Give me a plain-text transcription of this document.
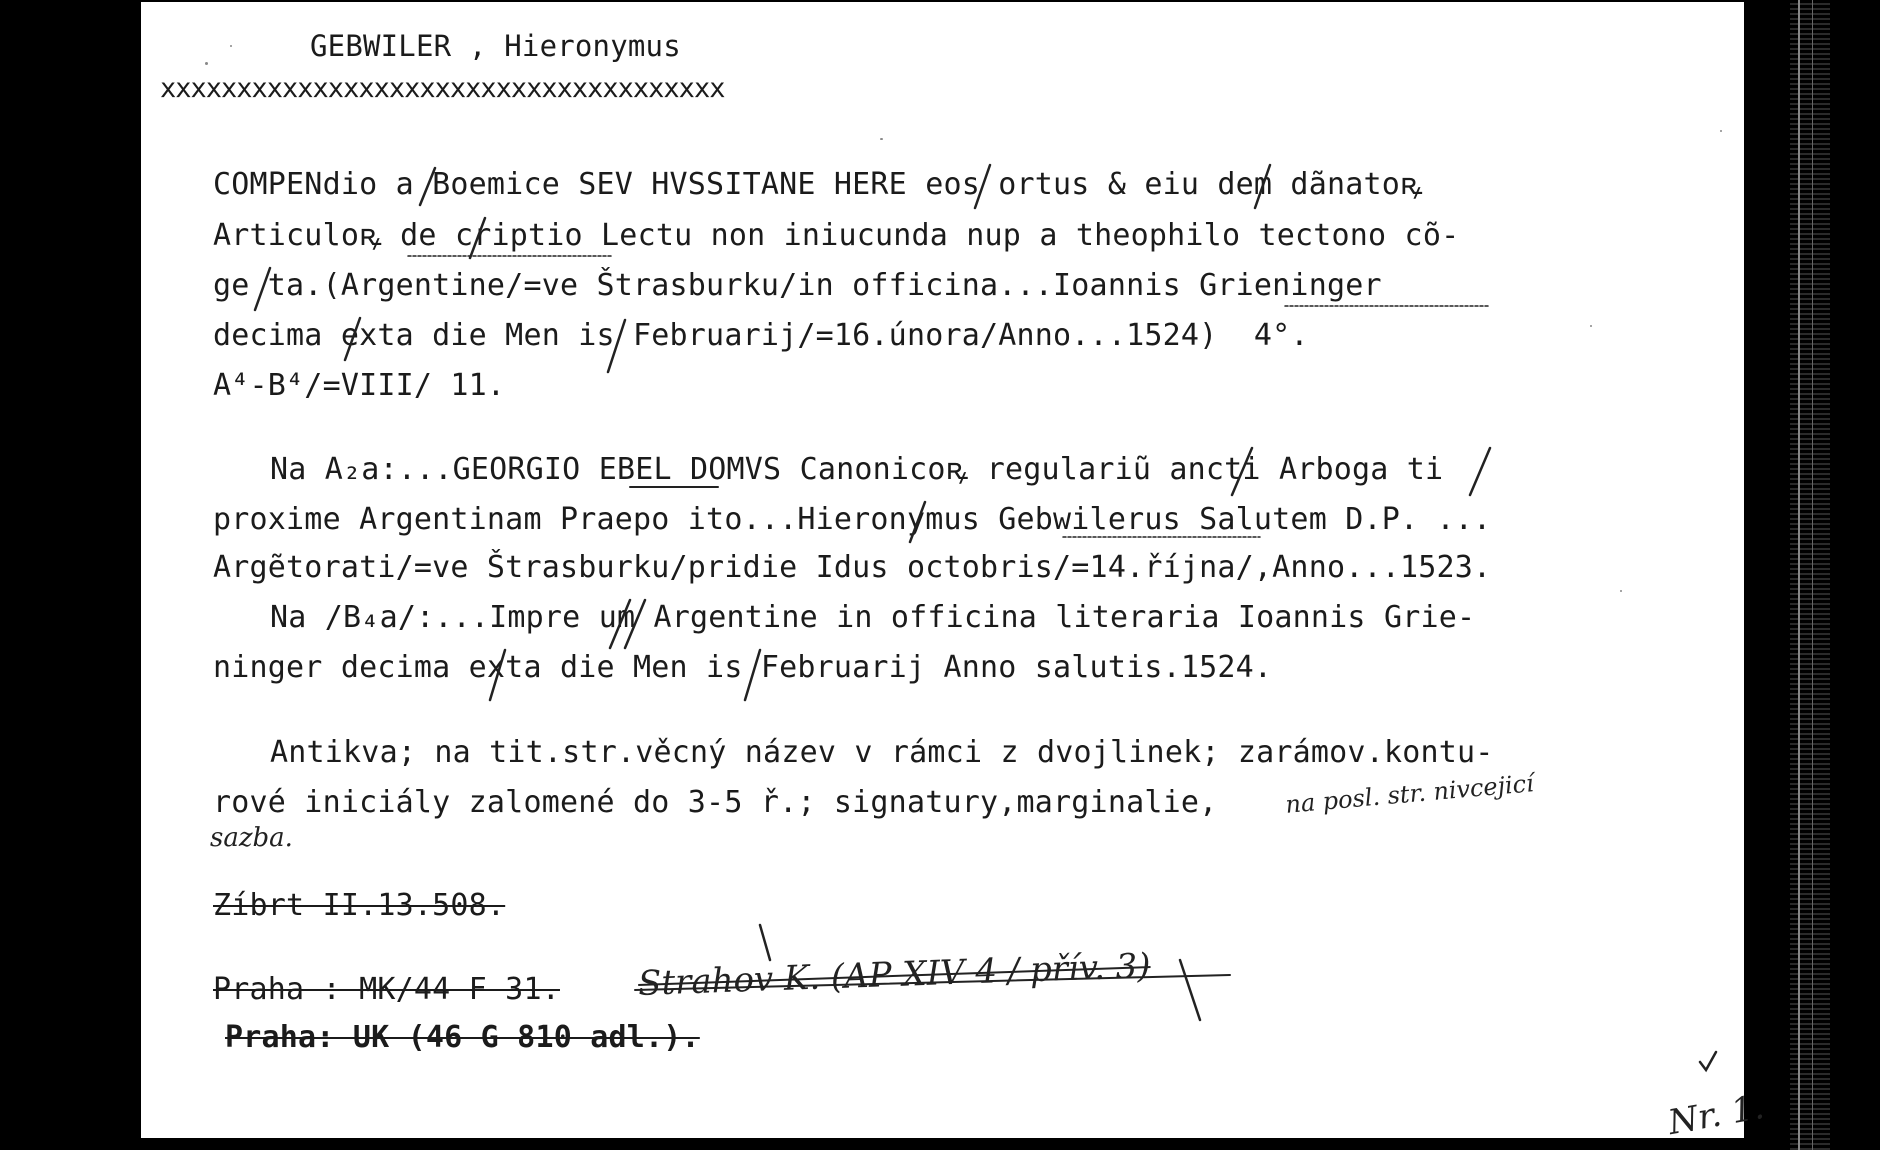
GEBWILER , Hieronymus
xxxxxxxxxxxxxxxxxxxxxxxxxxxxxxxxxxxxx
COMPENdio a Boemice SEV HVSSITANE HERE eos ortus & eiu dem dãnatoꝶ
Articuloꝶ de criptio Lectu non iniucunda nup a theophilo tectono cõ-
ge ta.(Argentine/=ve Štrasburku/in officina...Ioannis Grieninger
decima exta die Men is Februarij/=16.února/Anno...1524)  4°.
A⁴-B⁴/=VIII/ 11.
Na A₂a:...GEORGIO EBEL DOMVS Canonicoꝶ regulariũ ancti Arboga ti
proxime Argentinam Praepo ito...Hieronymus Gebwilerus Salutem D.P. ...
Argẽtorati/=ve Štrasburku/pridie Idus octobris/=14.října/,Anno...1523.
Na /B₄a/:...Impre um Argentine in officina literaria Ioannis Grie-
ninger decima exta die Men is Februarij Anno salutis.1524.
Antikva; na tit.str.věcný název v rámci z dvojlinek; zarámov.kontu-
rové iniciály zalomené do 3-5 ř.; signatury,marginalie,	na posl. str. nivcejicí
sazba.
Zíbrt II.13.508.
Praha : MK/44 F 31. Strahov K. (AP XIV 4 / přív. 3)
Praha: UK (46 G 810 adl.).
Nr. 1.
